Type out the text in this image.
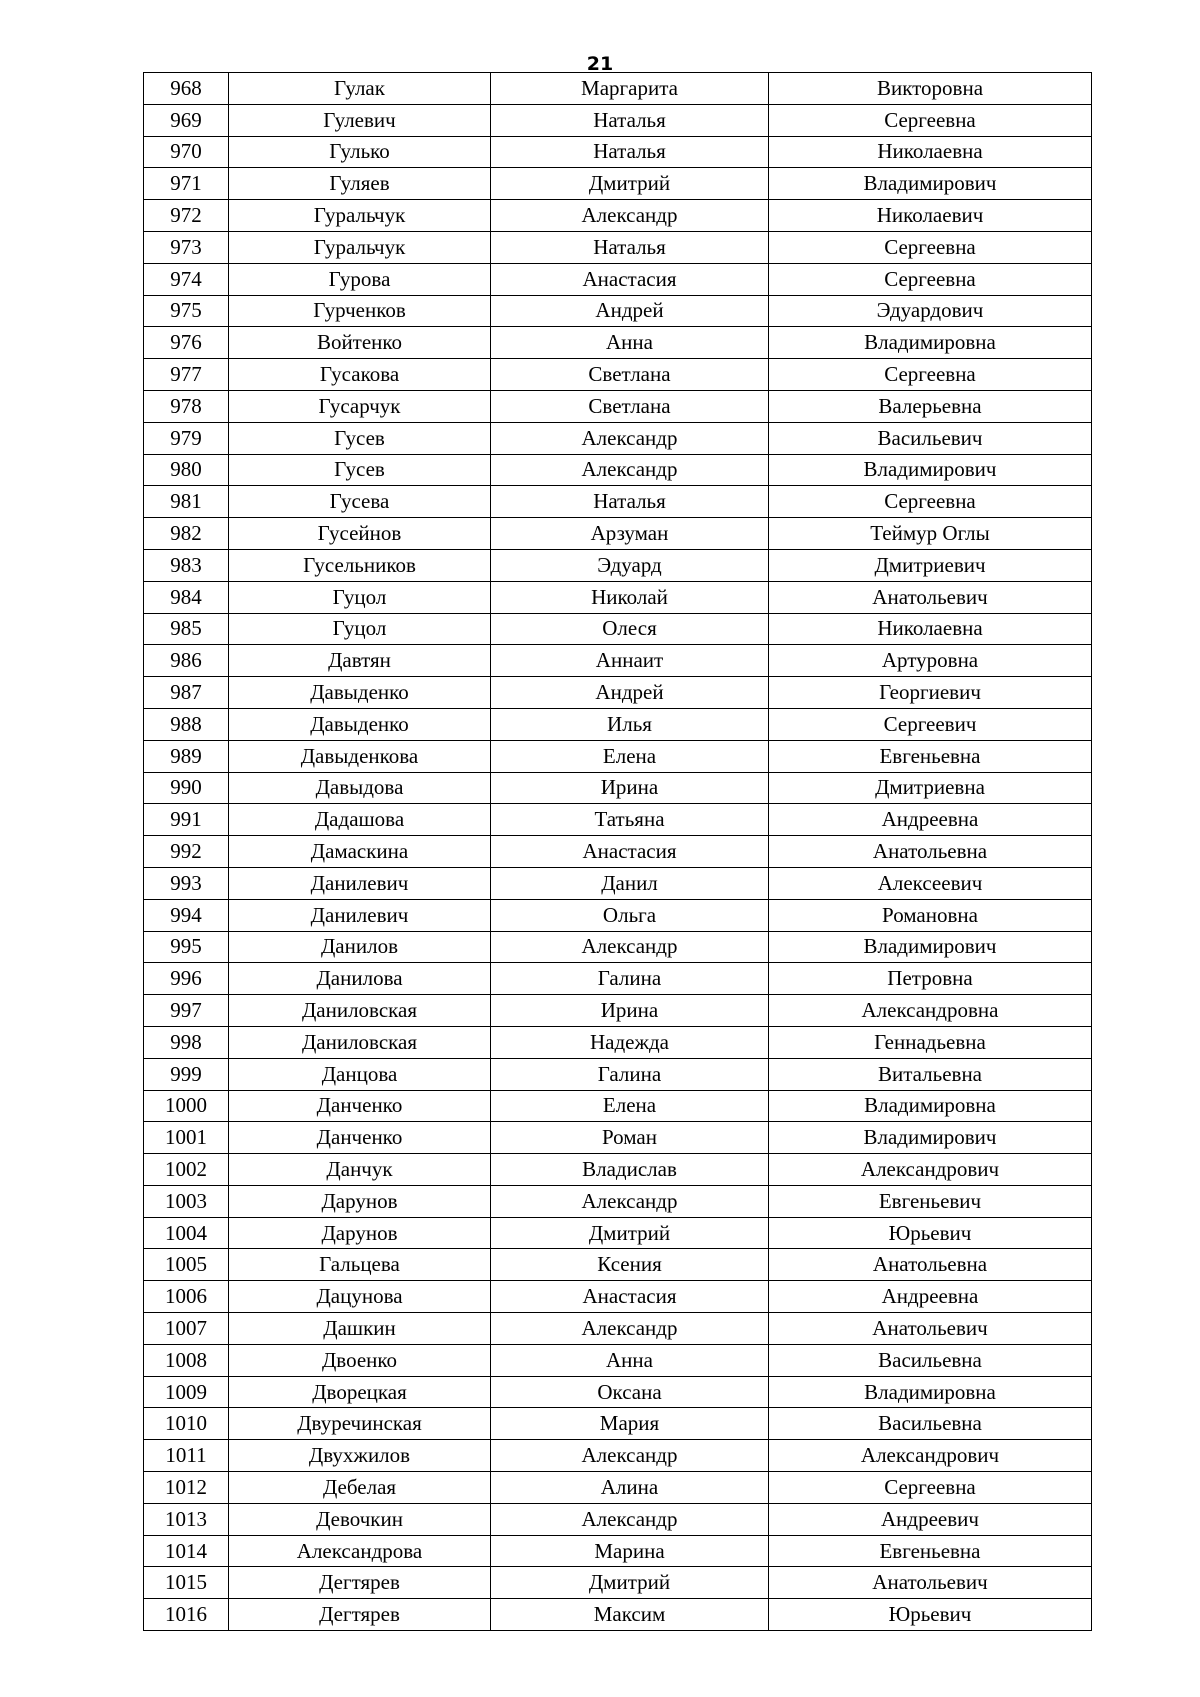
21
968	Гулак	Маргарита	Викторовна
969	Гулевич	Наталья	Сергеевна
970	Гулько	Наталья	Николаевна
971	Гуляев	Дмитрий	Владимирович
972	Гуральчук	Александр	Николаевич
973	Гуральчук	Наталья	Сергеевна
974	Гурова	Анастасия	Сергеевна
975	Гурченков	Андрей	Эдуардович
976	Войтенко	Анна	Владимировна
977	Гусакова	Светлана	Сергеевна
978	Гусарчук	Светлана	Валерьевна
979	Гусев	Александр	Васильевич
980	Гусев	Александр	Владимирович
981	Гусева	Наталья	Сергеевна
982	Гусейнов	Арзуман	Теймур Оглы
983	Гусельников	Эдуард	Дмитриевич
984	Гуцол	Николай	Анатольевич
985	Гуцол	Олеся	Николаевна
986	Давтян	Аннаит	Артуровна
987	Давыденко	Андрей	Георгиевич
988	Давыденко	Илья	Сергеевич
989	Давыденкова	Елена	Евгеньевна
990	Давыдова	Ирина	Дмитриевна
991	Дадашова	Татьяна	Андреевна
992	Дамаскина	Анастасия	Анатольевна
993	Данилевич	Данил	Алексеевич
994	Данилевич	Ольга	Романовна
995	Данилов	Александр	Владимирович
996	Данилова	Галина	Петровна
997	Даниловская	Ирина	Александровна
998	Даниловская	Надежда	Геннадьевна
999	Данцова	Галина	Витальевна
1000	Данченко	Елена	Владимировна
1001	Данченко	Роман	Владимирович
1002	Данчук	Владислав	Александрович
1003	Дарунов	Александр	Евгеньевич
1004	Дарунов	Дмитрий	Юрьевич
1005	Гальцева	Ксения	Анатольевна
1006	Дацунова	Анастасия	Андреевна
1007	Дашкин	Александр	Анатольевич
1008	Двоенко	Анна	Васильевна
1009	Дворецкая	Оксана	Владимировна
1010	Двуречинская	Мария	Васильевна
1011	Двухжилов	Александр	Александрович
1012	Дебелая	Алина	Сергеевна
1013	Девочкин	Александр	Андреевич
1014	Александрова	Марина	Евгеньевна
1015	Дегтярев	Дмитрий	Анатольевич
1016	Дегтярев	Максим	Юрьевич
